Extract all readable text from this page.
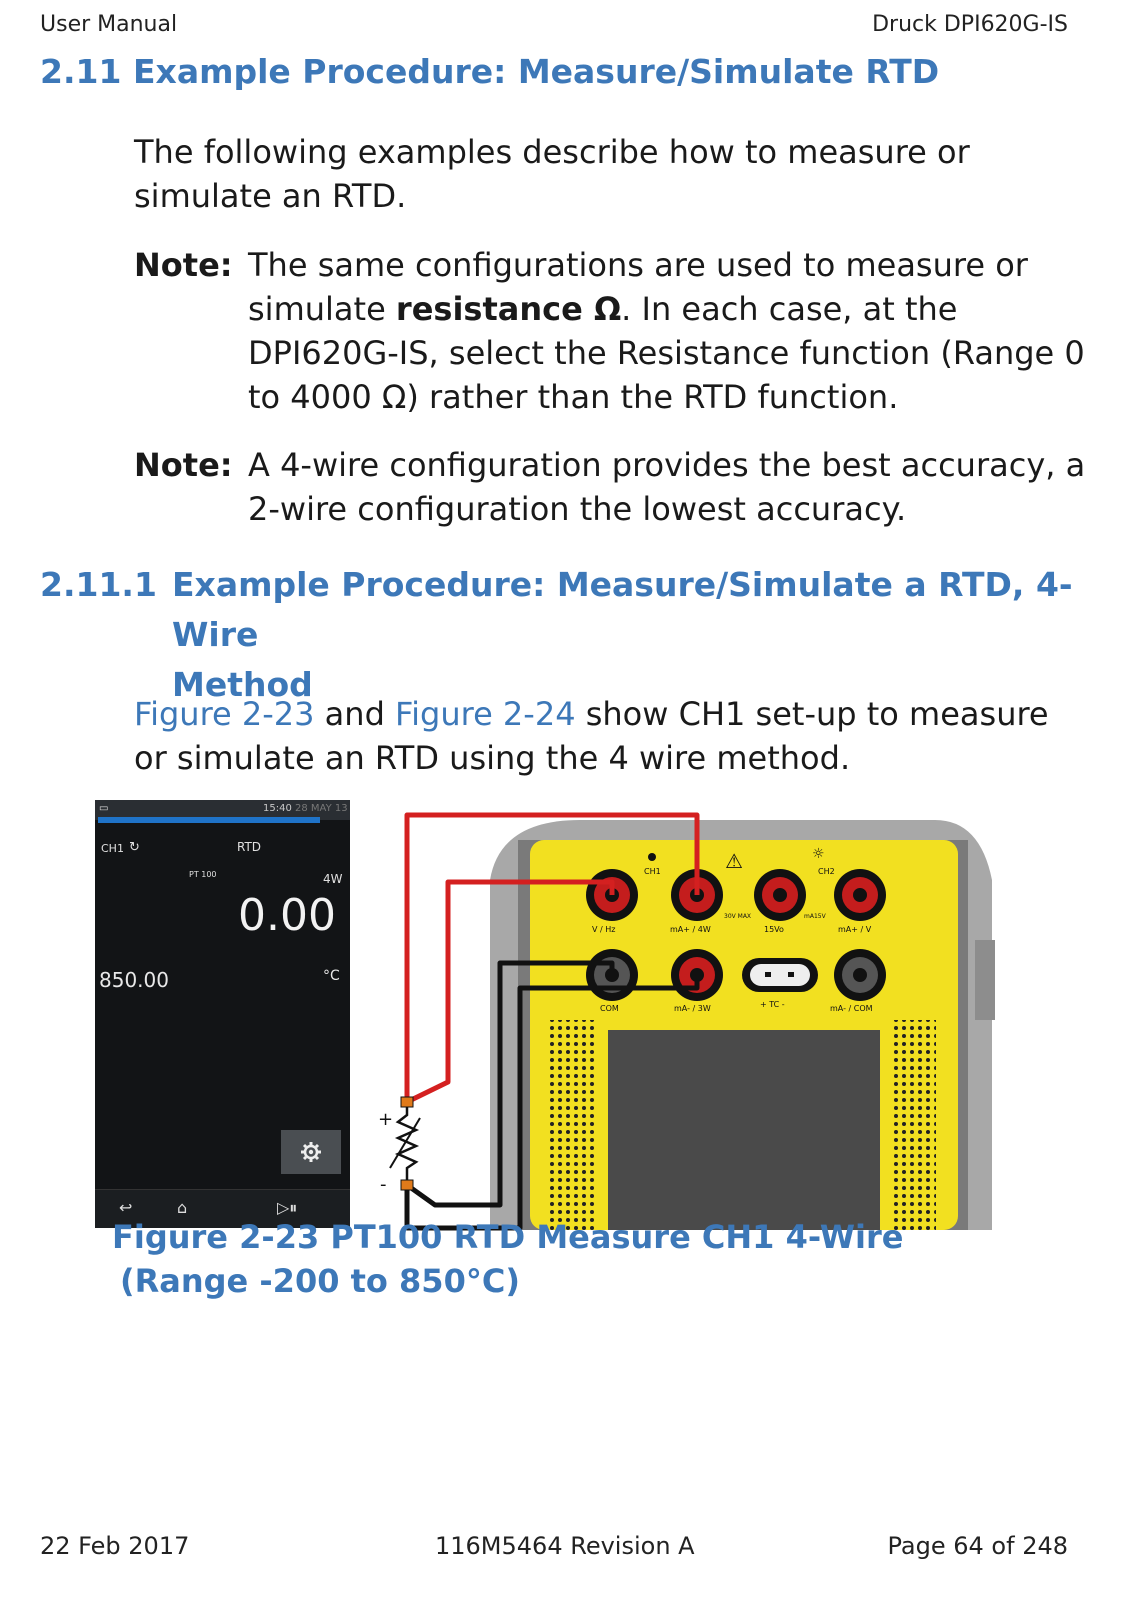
User Manual	Druck DPI620G-IS
2.11 Example Procedure: Measure/Simulate RTD
The following examples describe how to measure or
simulate an RTD.
Note: The same configurations are used to measure or
simulate resistance Ω. In each case, at the
DPI620G-IS, select the Resistance function (Range 0
to 4000 Ω) rather than the RTD function.
Note: A 4-wire configuration provides the best accuracy, a
2-wire configuration the lowest accuracy.
2.11.1 Example Procedure: Measure/Simulate a RTD, 4-Wire
Method
Figure 2-23 and Figure 2-24 show CH1 set-up to measure
or simulate an RTD using the 4 wire method.
▭	15:40 28 MAY 13
CH1 ↻	RTD
PT 100	4W
0.00
850.00	°C
↩	⌂	▷⏸
CH1	CH2
V / Hz	mA+ / 4W
30V MAX
15Vo
mA15V
mA+ / V
COM	mA- / 3W	+ TC -	mA- / COM
⚠	☼
+
-
Figure 2-23 PT100 RTD Measure CH1 4-Wire
(Range -200 to 850°C)
22 Feb 2017	116M5464 Revision A	Page 64 of 248
